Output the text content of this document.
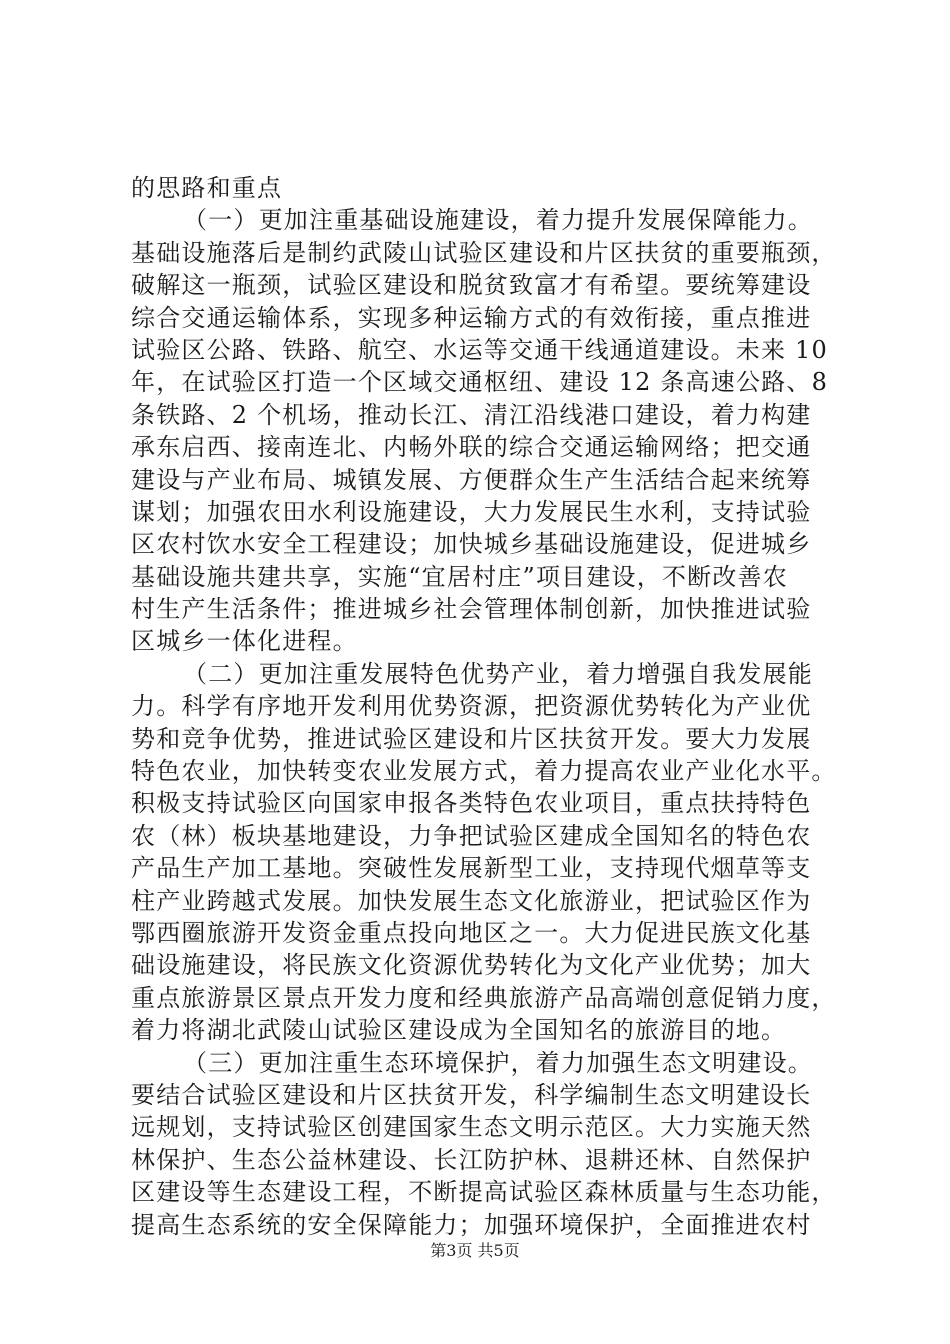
的思路和重点
（一）更加注重基础设施建设，着力提升发展保障能力。
基础设施落后是制约武陵山试验区建设和片区扶贫的重要瓶颈，
破解这一瓶颈，试验区建设和脱贫致富才有希望。要统筹建设
综合交通运输体系，实现多种运输方式的有效衔接，重点推进
试验区公路、铁路、航空、水运等交通干线通道建设。未来 10
年，在试验区打造一个区域交通枢纽、建设 12 条高速公路、8
条铁路、2 个机场，推动长江、清江沿线港口建设，着力构建
承东启西、接南连北、内畅外联的综合交通运输网络；把交通
建设与产业布局、城镇发展、方便群众生产生活结合起来统筹
谋划；加强农田水利设施建设，大力发展民生水利，支持试验
区农村饮水安全工程建设；加快城乡基础设施建设，促进城乡
基础设施共建共享，实施“宜居村庄”项目建设，不断改善农
村生产生活条件；推进城乡社会管理体制创新，加快推进试验
区城乡一体化进程。
（二）更加注重发展特色优势产业，着力增强自我发展能
力。科学有序地开发利用优势资源，把资源优势转化为产业优
势和竞争优势，推进试验区建设和片区扶贫开发。要大力发展
特色农业，加快转变农业发展方式，着力提高农业产业化水平。
积极支持试验区向国家申报各类特色农业项目，重点扶持特色
农（林）板块基地建设，力争把试验区建成全国知名的特色农
产品生产加工基地。突破性发展新型工业，支持现代烟草等支
柱产业跨越式发展。加快发展生态文化旅游业，把试验区作为
鄂西圈旅游开发资金重点投向地区之一。大力促进民族文化基
础设施建设，将民族文化资源优势转化为文化产业优势；加大
重点旅游景区景点开发力度和经典旅游产品高端创意促销力度，
着力将湖北武陵山试验区建设成为全国知名的旅游目的地。
（三）更加注重生态环境保护，着力加强生态文明建设。
要结合试验区建设和片区扶贫开发，科学编制生态文明建设长
远规划，支持试验区创建国家生态文明示范区。大力实施天然
林保护、生态公益林建设、长江防护林、退耕还林、自然保护
区建设等生态建设工程，不断提高试验区森林质量与生态功能，
提高生态系统的安全保障能力；加强环境保护，全面推进农村
第3页 共5页
